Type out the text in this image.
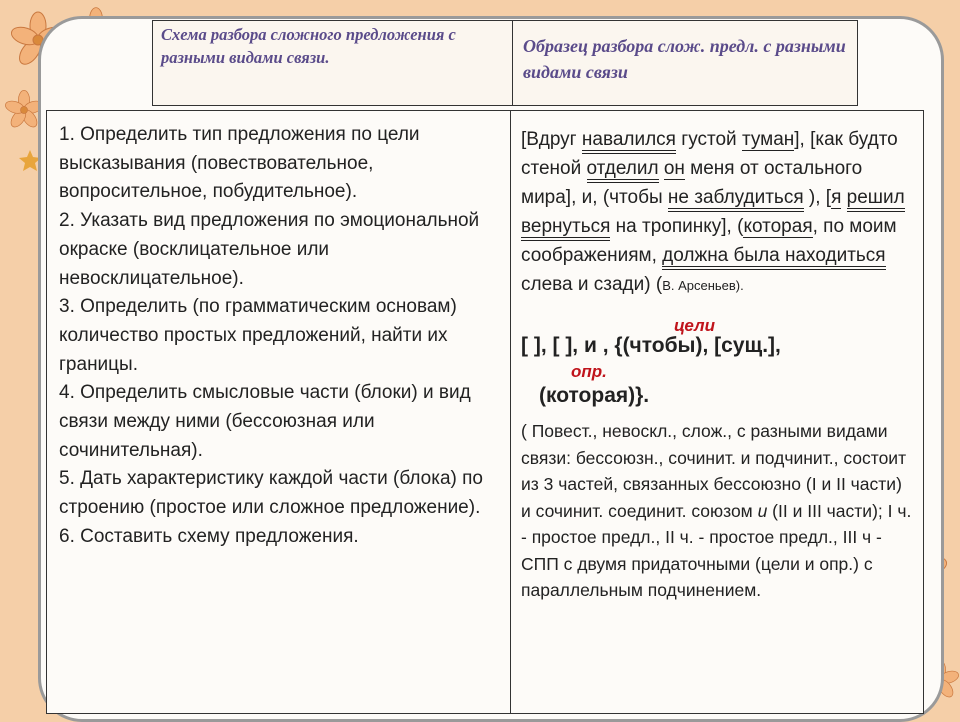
Схема разбора сложного предложения с разными видами связи.
Образец разбора слож. предл. с разными видами связи

1. Определить тип предложения по цели высказывания (повествовательное, вопросительное, побудительное).

2. Указать вид предложения по эмоциональной окраске (восклицательное или невосклицательное).

3. Определить (по грамматическим основам) количество простых предложений, найти их границы.

4. Определить смысловые части (блоки) и вид связи между ними (бессоюзная или сочинительная).

5. Дать характеристику каждой части (блока) по строению (простое или сложное предложение).

6. Составить схему предложения.

[Вдруг навалился густой туман], [как будто стеной отделил он меня от остального мира], и, (чтобы не заблудиться ), [я решил вернуться на тропинку], (которая, по моим соображениям, должна была находиться слева и сзади) (В. Арсеньев).

цели
[ ], [ ], и , {(чтобы), [сущ.],
опр.
(которая)}.

( Повест., невоскл., слож., с разными видами связи: бессоюзн., сочинит. и подчинит., состоит из 3 частей, связанных бессоюзно (I и II части) и сочинит. соединит. союзом и (II и III части); I ч. - простое предл., II ч. - простое предл., III ч - СПП с двумя придаточными (цели и опр.) с параллельным подчинением.
